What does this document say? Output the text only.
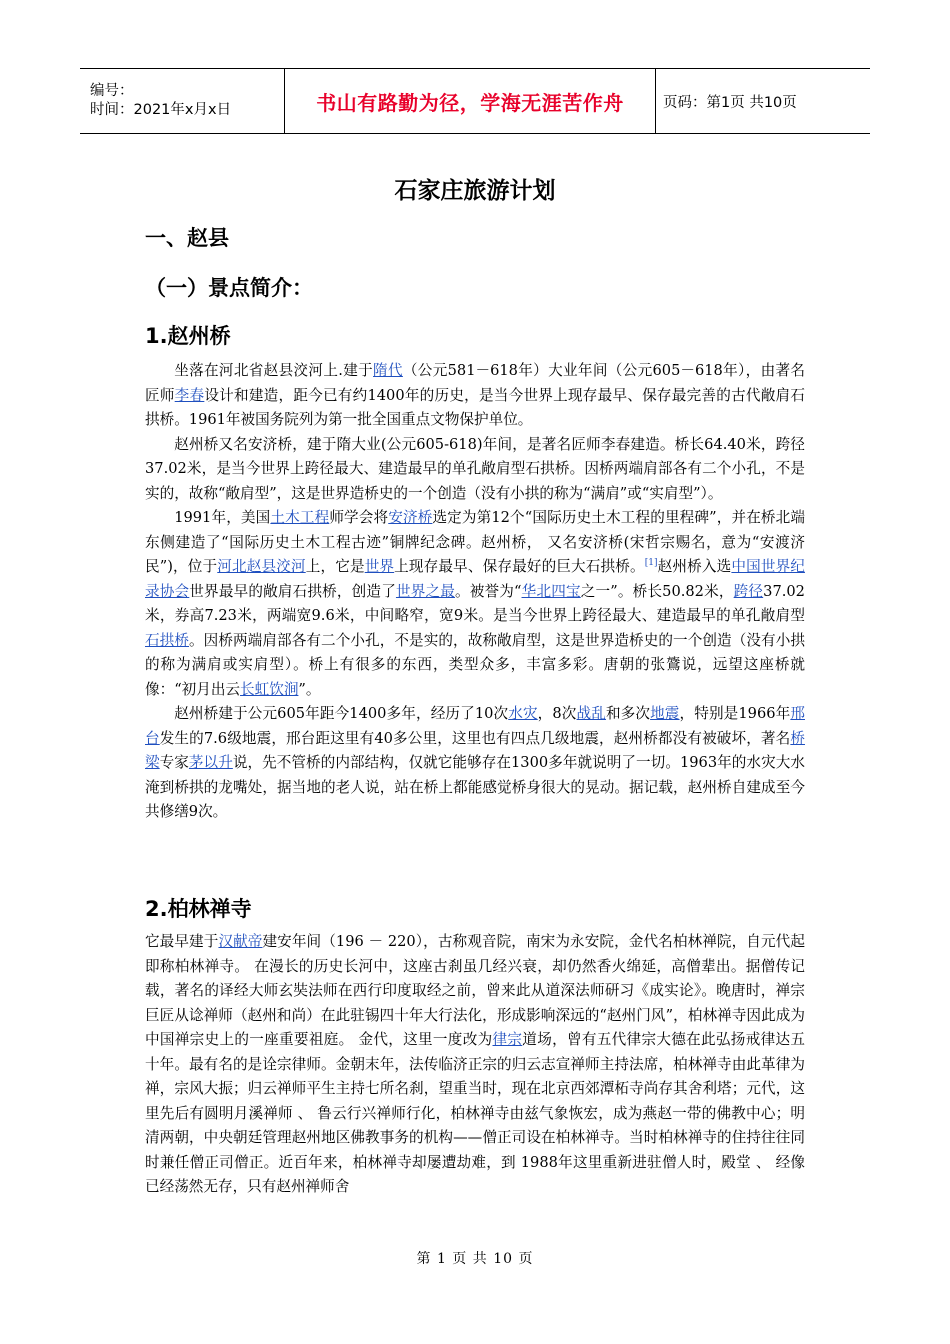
编号：
时间：2021年x月x日	书山有路勤为径，学海无涯苦作舟	页码：第1页 共10页
石家庄旅游计划
一、赵县
（一）景点简介：
1.赵州桥

坐落在河北省赵县洨河上.建于隋代（公元581－618年）大业年间（公元605－618年），由著名匠师李春设计和建造，距今已有约1400年的历史，是当今世界上现存最早、保存最完善的古代敞肩石拱桥。1961年被国务院列为第一批全国重点文物保护单位。

赵州桥又名安济桥，建于隋大业(公元605-618)年间，是著名匠师李春建造。桥长64.40米，跨径37.02米，是当今世界上跨径最大、建造最早的单孔敞肩型石拱桥。因桥两端肩部各有二个小孔，不是实的，故称“敞肩型”，这是世界造桥史的一个创造（没有小拱的称为“满肩”或“实肩型”）。

1991年，美国土木工程师学会将安济桥选定为第12个“国际历史土木工程的里程碑”，并在桥北端东侧建造了“国际历史土木工程古迹”铜牌纪念碑。赵州桥， 又名安济桥(宋哲宗赐名，意为“安渡济民”)，位于河北赵县洨河上，它是世界上现存最早、保存最好的巨大石拱桥。[1]赵州桥入选中国世界纪录协会世界最早的敞肩石拱桥，创造了世界之最。被誉为“华北四宝之一”。桥长50.82米，跨径37.02米，券高7.23米，两端宽9.6米，中间略窄，宽9米。是当今世界上跨径最大、建造最早的单孔敞肩型石拱桥。因桥两端肩部各有二个小孔，不是实的，故称敞肩型，这是世界造桥史的一个创造（没有小拱的称为满肩或实肩型）。桥上有很多的东西，类型众多，丰富多彩。唐朝的张鷟说，远望这座桥就像：“初月出云长虹饮涧”。

赵州桥建于公元605年距今1400多年，经历了10次水灾，8次战乱和多次地震，特别是1966年邢台发生的7.6级地震，邢台距这里有40多公里，这里也有四点几级地震，赵州桥都没有被破坏，著名桥梁专家茅以升说，先不管桥的内部结构，仅就它能够存在1300多年就说明了一切。1963年的水灾大水淹到桥拱的龙嘴处，据当地的老人说，站在桥上都能感觉桥身很大的晃动。据记载，赵州桥自建成至今共修缮9次。

2.柏林禅寺

它最早建于汉献帝建安年间（196 － 220），古称观音院，南宋为永安院，金代名柏林禅院，自元代起即称柏林禅寺。 在漫长的历史长河中，这座古刹虽几经兴衰，却仍然香火绵延，高僧辈出。据僧传记载，著名的译经大师玄奘法师在西行印度取经之前，曾来此从道深法师研习《成实论》。晚唐时，禅宗巨匠从谂禅师（赵州和尚）在此驻锡四十年大行法化，形成影响深远的“赵州门风”，柏林禅寺因此成为中国禅宗史上的一座重要祖庭。 金代，这里一度改为律宗道场，曾有五代律宗大德在此弘扬戒律达五十年。最有名的是诠宗律师。金朝末年，法传临济正宗的归云志宣禅师主持法席，柏林禅寺由此革律为禅，宗风大振；归云禅师平生主持七所名刹，望重当时，现在北京西郊潭柘寺尚存其舍利塔；元代，这里先后有圆明月溪禅师 、 鲁云行兴禅师行化，柏林禅寺由兹气象恢宏，成为燕赵一带的佛教中心；明清两朝，中央朝廷管理赵州地区佛教事务的机构——僧正司设在柏林禅寺。当时柏林禅寺的住持往往同时兼任僧正司僧正。近百年来，柏林禅寺却屡遭劫难，到 1988年这里重新进驻僧人时，殿堂 、 经像已经荡然无存，只有赵州禅师舍

第 1 页 共 10 页
